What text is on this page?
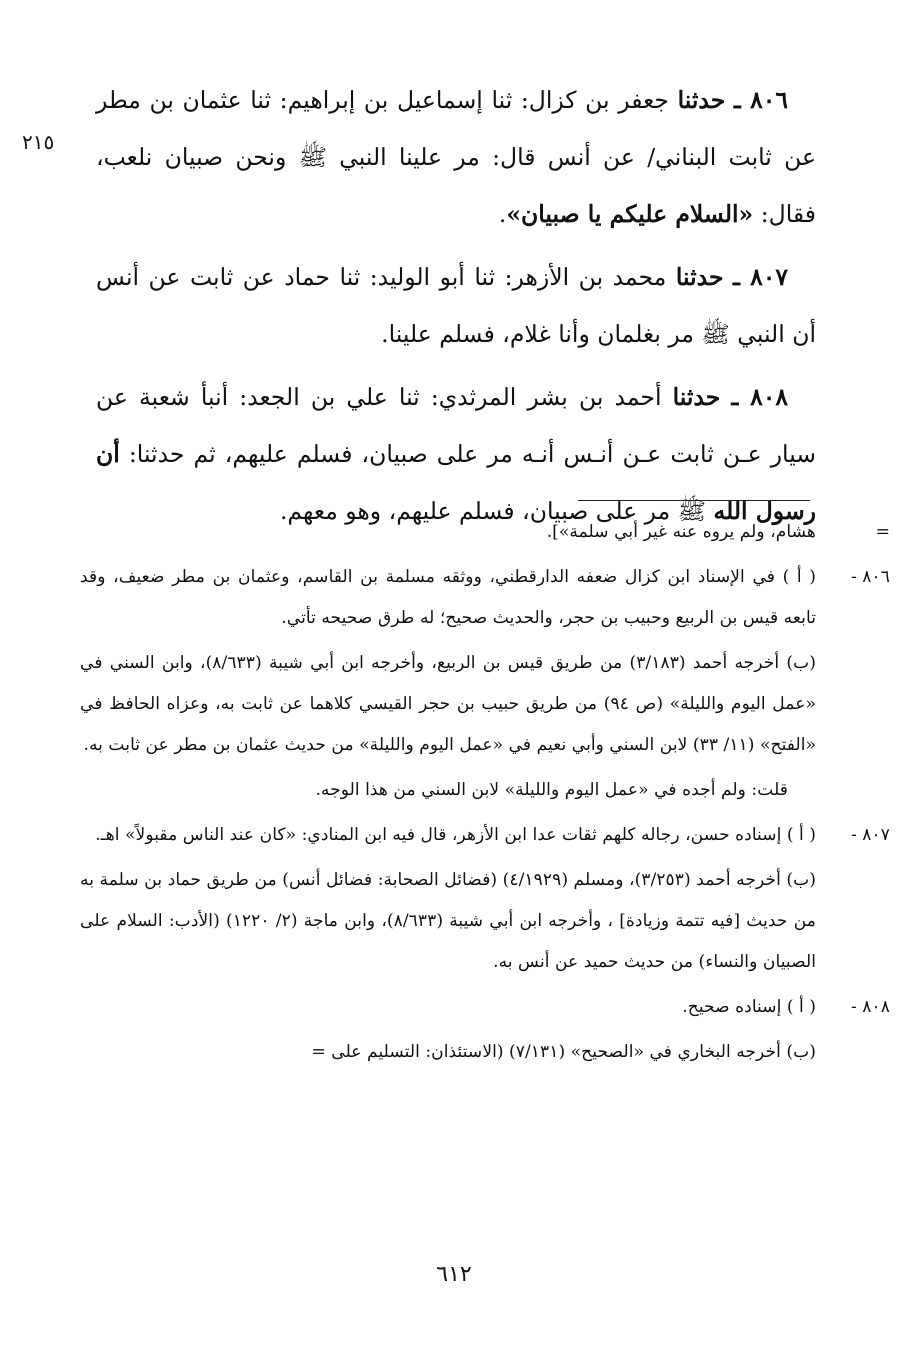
٨٠٦ ـ حدثنا جعفر بن كزال: ثنا إسماعيل بن إبراهيم: ثنا عثمان بن مطر عن ثابت البناني/ عن أنس قال: مر علينا النبي ﷺ ونحن صبيان نلعب، فقال: «السلام عليكم يا صبيان».

٨٠٧ ـ حدثنا محمد بن الأزهر: ثنا أبو الوليد: ثنا حماد عن ثابت عن أنس أن النبي ﷺ مر بغلمان وأنا غلام، فسلم علينا.

٨٠٨ ـ حدثنا أحمد بن بشر المرثدي: ثنا علي بن الجعد: أنبأ شعبة عن سيار عـن ثابت عـن أنـس أنـه مر على صبيان، فسلم عليهم، ثم حدثنا: أن رسول الله ﷺ مر على صبيان، فسلم عليهم، وهو معهم.

٢١٥

=
هشام، ولم يروه عنه غير أبي سلمة»].

٨٠٦ -
( أ ) في الإسناد ابن كزال ضعفه الدارقطني، ووثقه مسلمة بن القاسم، وعثمان بن مطر ضعيف، وقد تابعه قيس بن الربيع وحبيب بن حجر، والحديث صحيح؛ له طرق صحيحه تأتي.

(ب) أخرجه أحمد (٣/١٨٣) من طريق قيس بن الربيع، وأخرجه ابن أبي شيبة (٨/٦٣٣)، وابن السني في «عمل اليوم والليلة» (ص ٩٤) من طريق حبيب بن حجر القيسي كلاهما عن ثابت به، وعزاه الحافظ في «الفتح» (١١/ ٣٣) لابن السني وأبي نعيم في «عمل اليوم والليلة» من حديث عثمان بن مطر عن ثابت به.

قلت: ولم أجده في «عمل اليوم والليلة» لابن السني من هذا الوجه.

٨٠٧ -
( أ ) إسناده حسن، رجاله كلهم ثقات عدا ابن الأزهر، قال فيه ابن المنادي: «كان عند الناس مقبولاً» اهـ.

(ب) أخرجه أحمد (٣/٢٥٣)، ومسلم (٤/١٩٢٩) (فضائل الصحابة: فضائل أنس) من طريق حماد بن سلمة به من حديث [فيه تتمة وزيادة] ، وأخرجه ابن أبي شيبة (٨/٦٣٣)، وابن ماجة (٢/ ١٢٢٠) (الأدب: السلام على الصبيان والنساء) من حديث حميد عن أنس به.

٨٠٨ -
( أ ) إسناده صحيح.

(ب) أخرجه البخاري في «الصحيح» (٧/١٣١) (الاستئذان: التسليم على =

٦١٢
